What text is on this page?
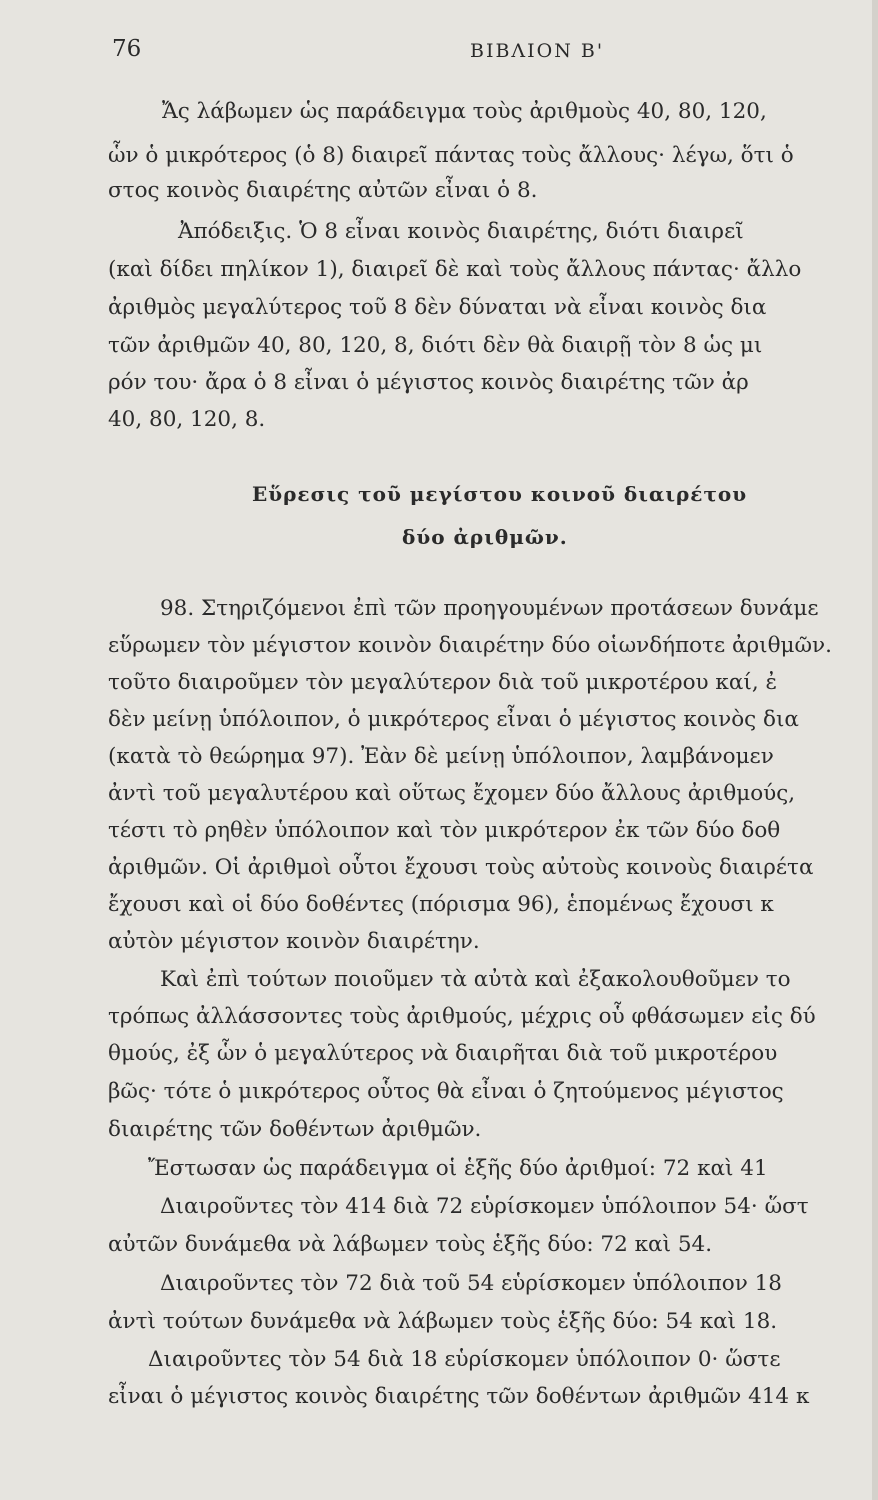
76	ΒΙΒΛΙΟΝ Β'
Ἄς λάβωμεν ὡς παράδειγμα τοὺς ἀριθμοὺς 40, 80, 120,
ὧν ὁ μικρότερος (ὁ 8) διαιρεῖ πάντας τοὺς ἄλλους· λέγω, ὅτι ὁ
στος κοινὸς διαιρέτης αὐτῶν εἶναι ὁ 8.
Ἀπόδειξις. Ὁ 8 εἶναι κοινὸς διαιρέτης, διότι διαιρεῖ
(καὶ δίδει πηλίκον 1), διαιρεῖ δὲ καὶ τοὺς ἄλλους πάντας· ἄλλο
ἀριθμὸς μεγαλύτερος τοῦ 8 δὲν δύναται νὰ εἶναι κοινὸς δια
τῶν ἀριθμῶν 40, 80, 120, 8, διότι δὲν θὰ διαιρῇ τὸν 8 ὡς μι
ρόν του· ἄρα ὁ 8 εἶναι ὁ μέγιστος κοινὸς διαιρέτης τῶν ἀρ
40, 80, 120, 8.
Εὕρεσις τοῦ μεγίστου κοινοῦ διαιρέτου
δύο ἀριθμῶν.
98. Στηριζόμενοι ἐπὶ τῶν προηγουμένων προτάσεων δυνάμε
εὕρωμεν τὸν μέγιστον κοινὸν διαιρέτην δύο οἱωνδήποτε ἀριθμῶν.
τοῦτο διαιροῦμεν τὸν μεγαλύτερον διὰ τοῦ μικροτέρου καί, ἐ
δὲν μείνῃ ὑπόλοιπον, ὁ μικρότερος εἶναι ὁ μέγιστος κοινὸς δια
(κατὰ τὸ θεώρημα 97). Ἐὰν δὲ μείνῃ ὑπόλοιπον, λαμβάνομεν
ἀντὶ τοῦ μεγαλυτέρου καὶ οὕτως ἔχομεν δύο ἄλλους ἀριθμούς,
τέστι τὸ ρηθὲν ὑπόλοιπον καὶ τὸν μικρότερον ἐκ τῶν δύο δοθ
ἀριθμῶν. Οἱ ἀριθμοὶ οὗτοι ἔχουσι τοὺς αὐτοὺς κοινοὺς διαιρέτα
ἔχουσι καὶ οἱ δύο δοθέντες (πόρισμα 96), ἑπομένως ἔχουσι κ
αὐτὸν μέγιστον κοινὸν διαιρέτην.
Καὶ ἐπὶ τούτων ποιοῦμεν τὰ αὐτὰ καὶ ἐξακολουθοῦμεν το
τρόπως ἀλλάσσοντες τοὺς ἀριθμούς, μέχρις οὗ φθάσωμεν εἰς δύ
θμούς, ἐξ ὧν ὁ μεγαλύτερος νὰ διαιρῆται διὰ τοῦ μικροτέρου
βῶς· τότε ὁ μικρότερος οὗτος θὰ εἶναι ὁ ζητούμενος μέγιστος
διαιρέτης τῶν δοθέντων ἀριθμῶν.
Ἔστωσαν ὡς παράδειγμα οἱ ἑξῆς δύο ἀριθμοί: 72 καὶ 41
Διαιροῦντες τὸν 414 διὰ 72 εὑρίσκομεν ὑπόλοιπον 54· ὥστ
αὐτῶν δυνάμεθα νὰ λάβωμεν τοὺς ἑξῆς δύο: 72 καὶ 54.
Διαιροῦντες τὸν 72 διὰ τοῦ 54 εὑρίσκομεν ὑπόλοιπον 18
ἀντὶ τούτων δυνάμεθα νὰ λάβωμεν τοὺς ἑξῆς δύο: 54 καὶ 18.
Διαιροῦντες τὸν 54 διὰ 18 εὑρίσκομεν ὑπόλοιπον 0· ὥστε
εἶναι ὁ μέγιστος κοινὸς διαιρέτης τῶν δοθέντων ἀριθμῶν 414 κ
